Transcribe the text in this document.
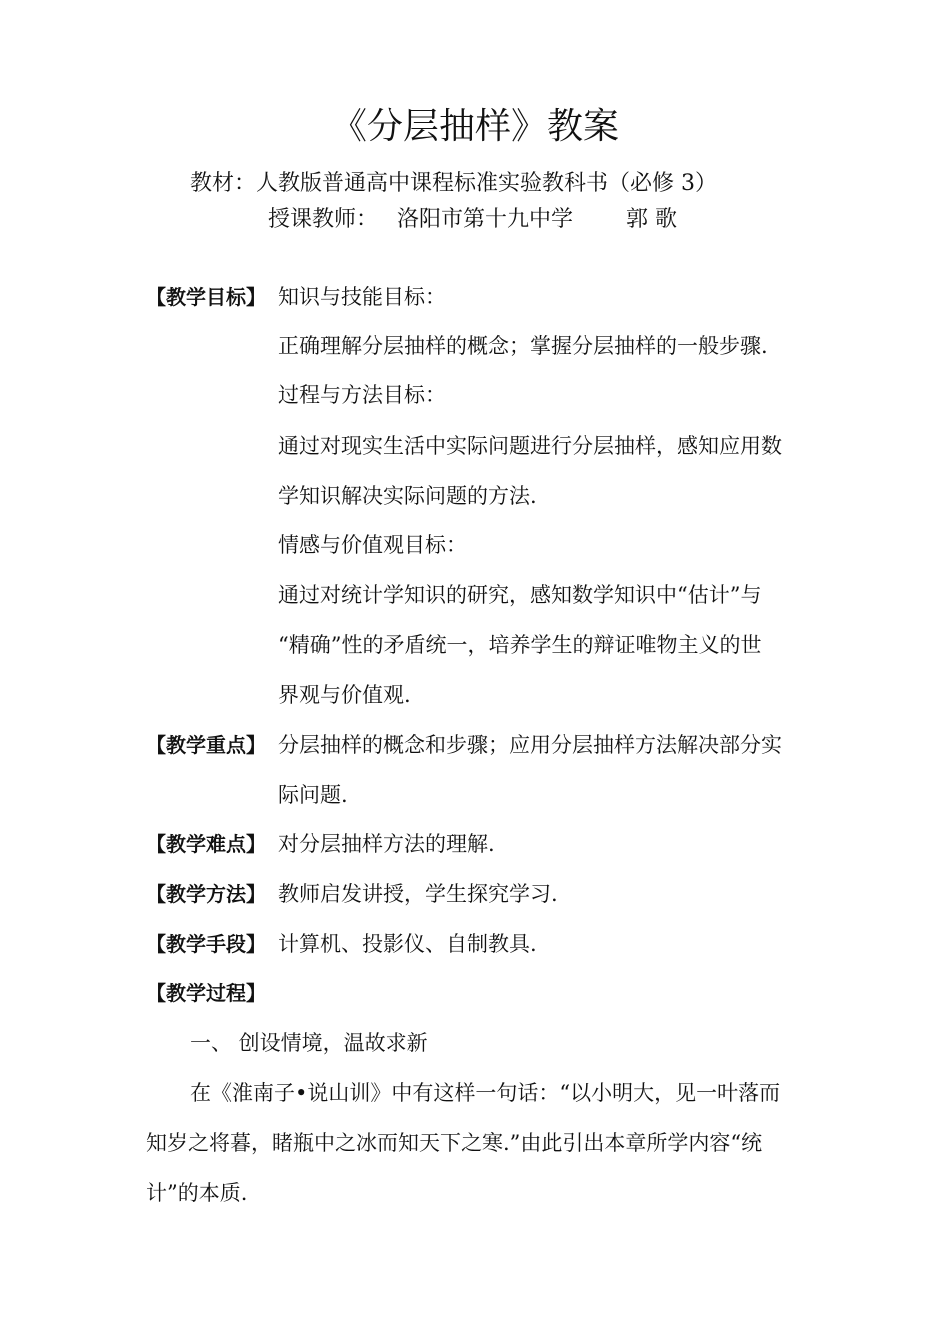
《分层抽样》教案
教材：人教版普通高中课程标准实验教科书（必修 3）
授课教师： 洛阳市第十九中学 郭 歌
【教学目标】 知识与技能目标：
正确理解分层抽样的概念；掌握分层抽样的一般步骤.
过程与方法目标：
通过对现实生活中实际问题进行分层抽样，感知应用数
学知识解决实际问题的方法.
情感与价值观目标：
通过对统计学知识的研究，感知数学知识中“估计”与
“精确”性的矛盾统一，培养学生的辩证唯物主义的世
界观与价值观.
【教学重点】 分层抽样的概念和步骤；应用分层抽样方法解决部分实
际问题.
【教学难点】 对分层抽样方法的理解.
【教学方法】 教师启发讲授，学生探究学习.
【教学手段】 计算机、投影仪、自制教具.
【教学过程】
一、 创设情境，温故求新
在《淮南子•说山训》中有这样一句话：“以小明大，见一叶落而
知岁之将暮，睹瓶中之冰而知天下之寒.”由此引出本章所学内容“统
计”的本质.
